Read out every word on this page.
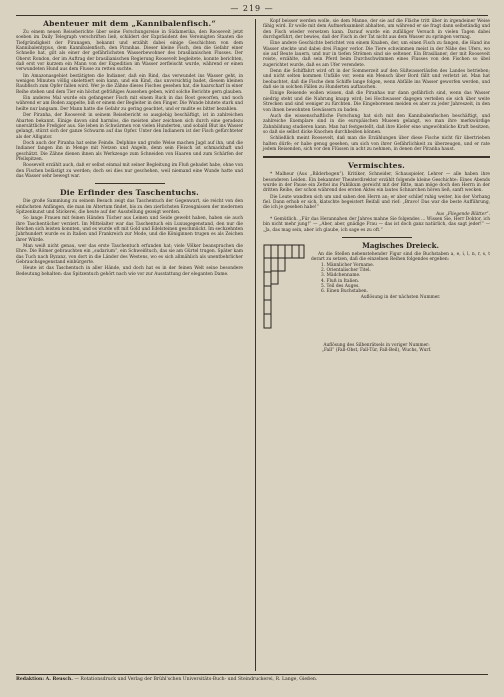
— 219 —
Abenteuer mit dem „Kannibalenfisch.“

Zu einem neuen Reiseberichte über seine Forschungsreise in Südamerika, den Rooseveit jetzt soeben im Daily Telegraph verschriften ließ, schildert der Expräsident des Vereinigten Staaten die Tiefgründigkeit der Piranagen, bekannt und erzählt dabei einige Geschichten von dem Kannibalentypus, dem Kannibalenfisch, den Piranhas. Dieser kleine Fisch, den die Gefahr einer Schnelle hat, gilt als einer der gefährlichsten Wasserbewohner des brasilianischen Flusses. Der Oberst Rondon, der im Auftrag der brasilianischen Regierung Roosevelt begleitete, konnte berichten, daß erst vor kurzem ein Mann von der Expedition im Wasser zerfleischt wurde, während er einen verwundeten Hund aus dem Flusse zu retten suchte.

Im Amazonasgebiet bestätigten die Indianer, daß ein Rind, das verwundet ins Wasser geht, in wenigen Minuten völlig skelettiert sein kann, und ein Kind, das unvorsichtig badet, diesem kleinen Raubfisch zum Opfer fallen wird. Wer je die Zähne dieses Fisches gesehen hat, die haarscharf in einer Reihe stehen und dem Tier ein höchst gefräßiges Aussehen geben, wird solche Berichte gern glauben.

Ein anderes Mal wurde ein gefangener Fisch mit einem Ruck in das Boot geworfen, und noch während er am Boden zappelte, biß er einem der Begleiter in den Finger. Die Wunde blutete stark und heilte nur langsam. Der Mann hatte die Gefahr zu gering geachtet, und er mußte es bitter bezahlen.

Der Piranha, der Rooseveit in seinem Reisebericht so ausgiebig beschäftigt, ist in zahlreichen Abarten bekannt. Einige davon sind harmlos, die meisten aber zeichnen sich durch eine geradezu unersättliche Freßgier aus. Sie leben in Schwärmen von vielen Hunderten, und sobald Blut ins Wasser gelangt, stürzt sich der ganze Schwarm auf das Opfer. Unter den Indianern ist der Fisch gefürchteter als der Alligator.

Doch auch der Piranha hat seine Feinde. Delphine und große Welse machen Jagd auf ihn, und die Indianer fangen ihn in Menge mit Netzen und Angeln, denn sein Fleisch ist schmackhaft und geschätzt. Die Zähne dienen ihnen als Werkzeuge zum Schneiden von Haaren und zum Schärfen der Pfeilspitzen.

Roosevelt erzählt auch, daß er selbst einmal mit seiner Begleitung im Fluß gebadet habe, ohne von den Fischen belästigt zu werden; doch sei dies nur geschehen, weil niemand eine Wunde hatte und das Wasser sehr bewegt war.

Die Erfinder des Taschentuchs.

Die große Sammlung zu seinem Besuch zeigt das Taschentuch der Gegenwart, sie reicht von den einfachsten Anfängen, die man im Altertum findet, bis zu den zierlichsten Erzeugnissen der modernen Spitzenkunst und Stickerei, die heute auf der Ausstellung gezeigt werden.

So lange Frauen mit feinen Händen Tücher aus Leinen und Seide gewebt haben, haben sie auch ihre Taschentücher verziert. Im Mittelalter war das Taschentuch ein Luxusgegenstand, den nur die Reichen sich leisten konnten, und es wurde oft mit Gold und Edelsteinen geschmückt. Im sechzehnten Jahrhundert wurde es in Italien und Frankreich zur Mode, und die Königinnen trugen es als Zeichen ihrer Würde.

Man weiß nicht genau, wer das erste Taschentuch erfunden hat; viele Völker beanspruchen die Ehre. Die Römer gebrauchten ein „sudarium“, ein Schweißtuch, das sie am Gürtel trugen. Später kam das Tuch nach Byzanz, von dort in die Länder des Westens, wo es sich allmählich als unentbehrlicher Gebrauchsgegenstand einbürgerte.

Heute ist das Taschentuch in aller Hände, und doch hat es in der feinen Welt seine besondere Bedeutung behalten: das Spitzentuch gehört nach wie vor zur Ausstattung der eleganten Dame.

Kopf beisser werden wolle, sie dem Manne, der sie auf die Fläche tritt über in irgendeiner Weise fähig wird. Er wolle mit dem Aufmerksamkeit abhalten, um während er sie fragt dann selbständig und den Fisch wieder versetzen kann. Darauf wurde ein zufälliger Versuch in vielen Tagen dabei durchgeführt, der bewies, daß der Fisch in der Tat nicht aus dem Wasser zu springen vermag.

Eine andere Geschichte berichtet von einem Knaben, der, um einen Fisch zu fangen, die Hand ins Wasser steckte und dabei drei Finger verlor. Die Tiere schwimmen meist in der Nähe des Ufers, wo sie auf Beute lauern, und nur in tiefen Strömen sind sie seltener. Ein Brasilianer, der mit Rooseveit reiste, erzählte, daß sein Pferd beim Durchschwimmen eines Flusses von den Fischen so übel zugerichtet wurde, daß es am Ufer verendete.

Denn die Schiffahrt wird oft in der Sommerzeit auf den Süßwasserläufen des Landes betrieben; und nicht selten kommen Unfälle vor, wenn ein Mensch über Bord fällt und verletzt ist. Man hat beobachtet, daß die Fische dem Schiffe lange folgen, wenn Abfälle ins Wasser geworfen werden, und daß sie in solchen Fällen zu Hunderten auftauchen.

Einige Reisende wollen wissen, daß die Piranhas nur dann gefährlich sind, wenn das Wasser niedrig steht und die Nahrung knapp wird; bei Hochwasser dagegen verteilen sie sich über weite Strecken und sind weniger zu fürchten. Die Eingeborenen meiden es aber zu jeder Jahreszeit, in den von ihnen bewohnten Gewässern zu baden.

Auch die wissenschaftliche Forschung hat sich mit den Kannibalenfischen beschäftigt, und zahlreiche Exemplare sind in die europäischen Museen gelangt, wo man ihre merkwürdige Zahnbildung studieren kann. Man hat festgestellt, daß ihre Kiefer eine ungewöhnliche Kraft besitzen, so daß sie selbst dicke Knochen durchbeißen können.

Schließlich meint Roosevelt, daß man die Erzählungen über diese Fische nicht für übertrieben halten dürfe; er habe genug gesehen, um sich von ihrer Gefährlichkeit zu überzeugen, und er rate jedem Reisenden, sich vor den Flüssen in acht zu nehmen, in denen der Piranha haust.

Vermischtes.

* Malheur (Aus „Bilderbogen“). Kritiker, Schneider, Schauspieler, Lehrer — alle haben ihre besonderen Leiden. Ein bekannter Theaterdirektor erzählt folgende kleine Geschichte: Eines Abends wurde in der Pause ein Zettel ins Publikum gereicht mit der Bitte, man möge doch den Herrn in der dritten Reihe, der schon während des ersten Aktes ein lautes Schnarchen hören ließ, sanft wecken.

Die Leute wandten sich um und sahen den Herrn an; er aber schlief ruhig weiter, bis der Vorhang fiel. Dann erhob er sich, klatschte begeistert Beifall und rief: „Bravo! Das war die beste Aufführung, die ich je gesehen habe!“

Aus „Fliegende Blätter“.

* Gemütlich. „Für das Herannahen der Jahres mahne Sie folgendes ... Wissen Sie, Herr Doktor, ich bin nicht mehr jung!“ — „Aber, aber, gnädige Frau — das ist doch ganz natürlich, das sagt jeder!“ — „Ja, das mag sein, aber ich glaube, ich sage es zu oft.“

Magisches Dreieck.

An die Stellen nebenstehender Figur sind die Buchstaben a, e, i, l, n, r, s, t derart zu setzen, daß die einzelnen Reihen folgendes ergeben:

1. Männlicher Vorname.
2. Orientalischer Titel.
3. Mädchenname.
4. Fluß in Italien.
5. Teil des Auges.
6. Einen Buchstaben.
Auflösung in der nächsten Nummer.
Auflösung des Silbenrätsels in voriger Nummer:
„Fall“ (Fall-Obst, Fall-Tür, Fall-Beil), Wuchs, Wurf.
Redaktion: A. Reusch. — Rotationsdruck und Verlag der Brühl'schen Universitäts-Buch- und Steindruckerei, R. Lange, Gießen.
